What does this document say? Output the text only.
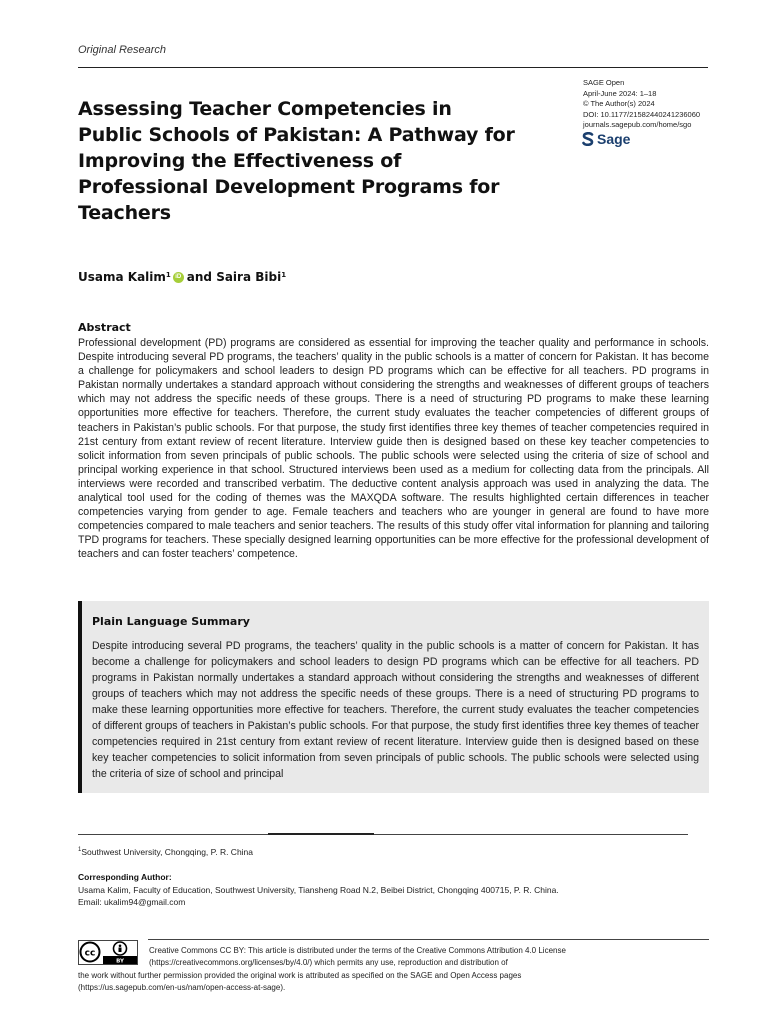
Original Research
SAGE Open
April-June 2024: 1–18
© The Author(s) 2024
DOI: 10.1177/21582440241236060
journals.sagepub.com/home/sgo
Sage
Assessing Teacher Competencies in Public Schools of Pakistan: A Pathway for Improving the Effectiveness of Professional Development Programs for Teachers
Usama Kalim$^1$ iD and
Saira Bibi$^1$
Abstract

Professional development (PD) programs are considered as essential for improving the teacher quality and performance in schools. Despite introducing several PD programs, the teachers’ quality in the public schools is a matter of concern for Pakistan. It has become a challenge for policymakers and school leaders to design PD programs which can be effective for all teachers. PD programs in Pakistan normally undertakes a standard approach without considering the strengths and weaknesses of different groups of teachers which may not address the specific needs of these groups. There is a need of structuring PD programs to make these learning opportunities more effective for teachers. Therefore, the current study evaluates the teacher competencies of different groups of teachers in Pakistan’s public schools. For that purpose, the study first identifies three key themes of teacher competencies required in 21st century from extant review of recent literature. Interview guide then is designed based on these key teacher competencies to solicit information from seven principals of public schools. The public schools were selected using the criteria of size of school and principal working experience in that school. Structured interviews been used as a medium for collecting data from the principals. All interviews were recorded and transcribed verbatim. The deductive content analysis approach was used in analyzing the data. The analytical tool used for the coding of themes was the MAXQDA software. The results highlighted certain differences in teacher competencies varying from gender to age. Female teachers and teachers who are younger in general are found to have more competencies compared to male teachers and senior teachers. The results of this study offer vital information for planning and tailoring TPD programs for teachers. These specially designed learning opportunities can be more effective for the professional development of teachers and can foster teachers’ competence.

Plain Language Summary

Despite introducing several PD programs, the teachers’ quality in the public schools is a matter of concern for Pakistan. It has become a challenge for policymakers and school leaders to design PD programs which can be effective for all teachers. PD programs in Pakistan normally undertakes a standard approach without considering the strengths and weaknesses of different groups of teachers which may not address the specific needs of these groups. There is a need of structuring PD programs to make these learning opportunities more effective for teachers. Therefore, the current study evaluates the teacher competencies of different groups of teachers in Pakistan’s public schools. For that purpose, the study first identifies three key themes of teacher competencies required in 21st century from extant review of recent literature. Interview guide then is designed based on these key teacher competencies to solicit information from seven principals of public schools. The public schools were selected using the criteria of size of school and principal

$^1$Southwest University, Chongqing, P. R. China
Corresponding Author:
Usama Kalim, Faculty of Education, Southwest University, Tiansheng Road N.2, Beibei District, Chongqing 400715, P. R. China.
Email: ukalim94@gmail.com
cc
BY

Creative Commons CC BY: This article is distributed under the terms of the Creative Commons Attribution 4.0 License
(https://creativecommons.org/licenses/by/4.0/) which permits any use, reproduction and distribution of
the work without further permission provided the original work is attributed as specified on the SAGE and Open Access pages
(https://us.sagepub.com/en-us/nam/open-access-at-sage).
